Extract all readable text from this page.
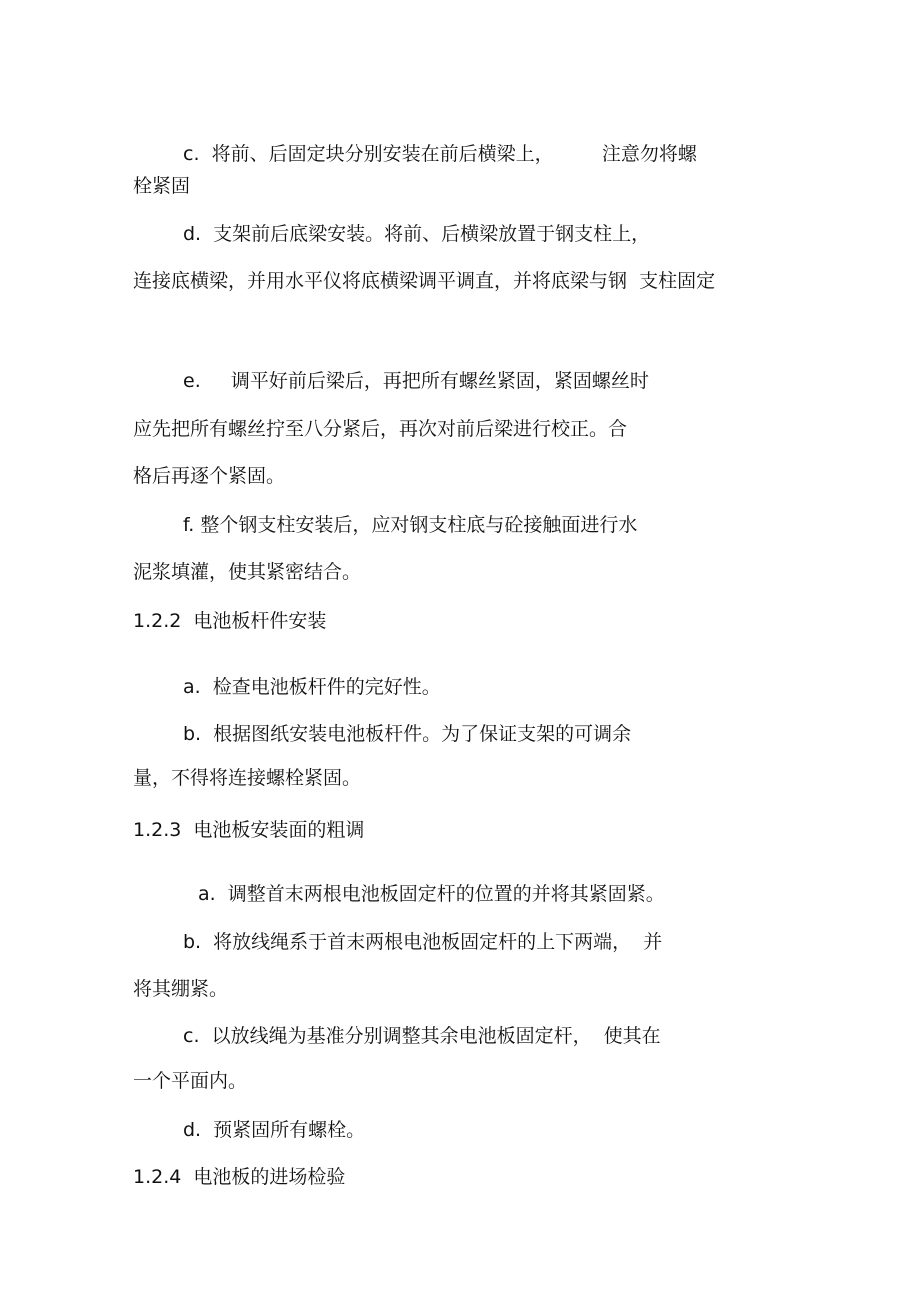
c.  将前、后固定块分别安装在前后横梁上，        注意勿将螺

栓紧固

d.  支架前后底梁安装。将前、后横梁放置于钢支柱上，

连接底横梁，并用水平仪将底横梁调平调直，并将底梁与钢  支柱固定

e.     调平好前后梁后，再把所有螺丝紧固，紧固螺丝时

应先把所有螺丝拧至八分紧后，再次对前后梁进行校正。合

格后再逐个紧固。

f. 整个钢支柱安装后，应对钢支柱底与砼接触面进行水

泥浆填灌，使其紧密结合。

1.2.2  电池板杆件安装

a.  检查电池板杆件的完好性。

b.  根据图纸安装电池板杆件。为了保证支架的可调余

量，不得将连接螺栓紧固。

1.2.3  电池板安装面的粗调

a.  调整首末两根电池板固定杆的位置的并将其紧固紧。

b.  将放线绳系于首末两根电池板固定杆的上下两端，  并

将其绷紧。

c.  以放线绳为基准分别调整其余电池板固定杆，  使其在

一个平面内。

d.  预紧固所有螺栓。

1.2.4  电池板的进场检验
